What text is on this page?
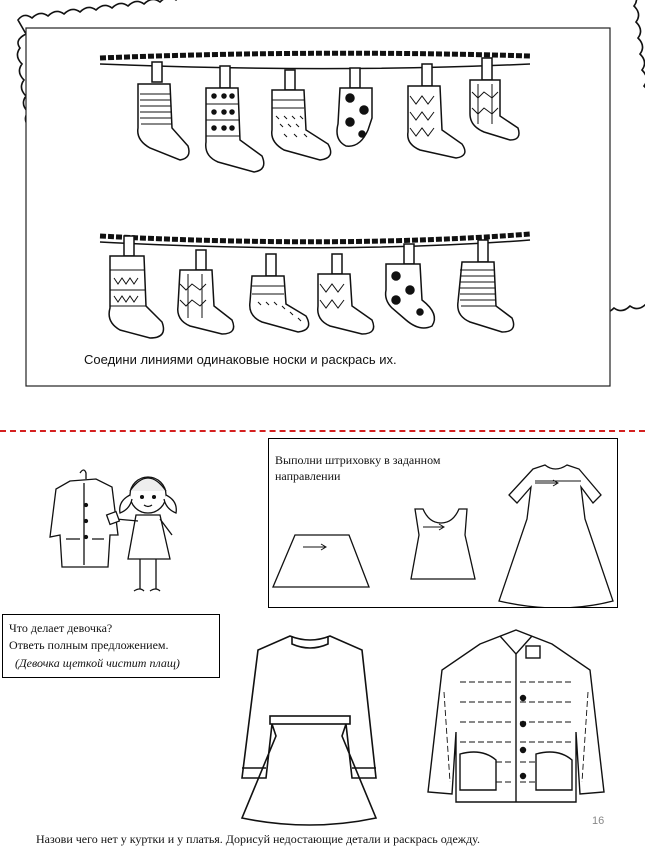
Соедини линиями одинаковые носки и раскрась их.
Что делает девочка?
Ответь полным предложением.
(Девочка щеткой чистит плащ)
Выполни штриховку в заданном
направлении
Назови чего нет у куртки и у платья. Дорисуй недостающие детали и раскрась одежду.
16
